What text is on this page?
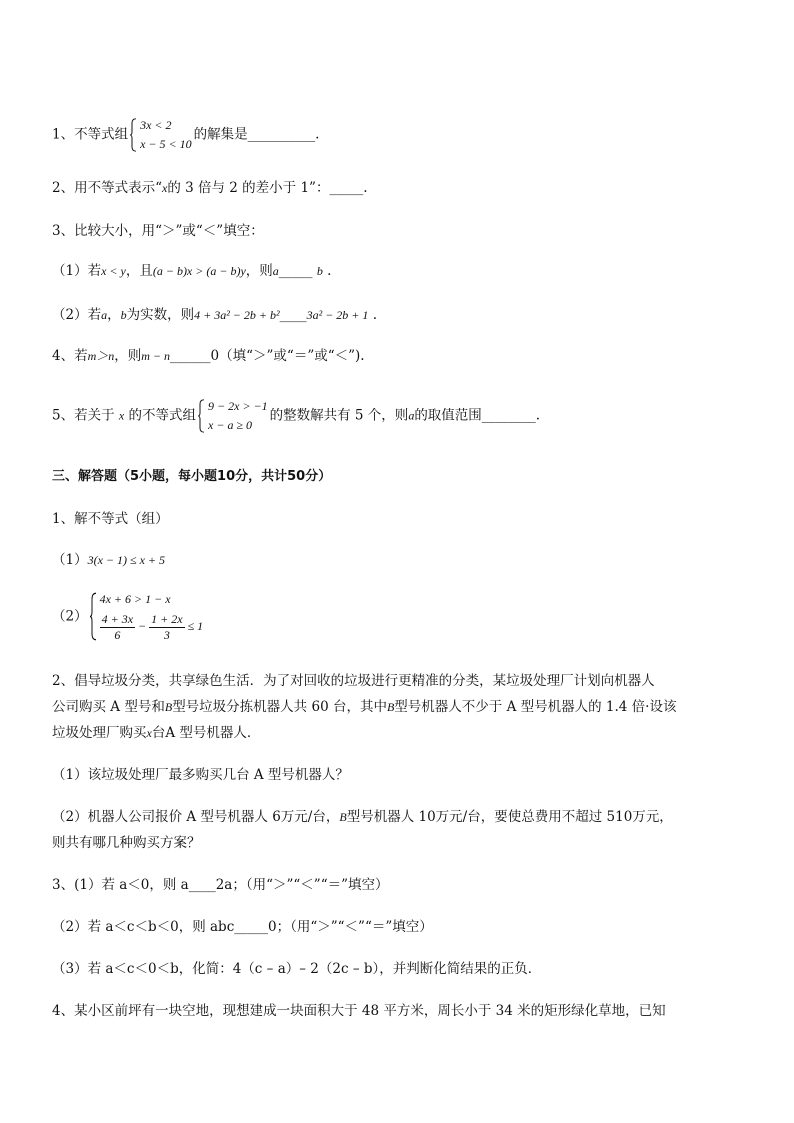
1、不等式组
3x < 2
x − 5 < 10
的解集是__________.
2、用不等式表示“x的 3 倍与 2 的差小于 1”：_____.
3、比较大小，用“＞”或“＜”填空：
（1）若x < y，且(a − b)x > (a − b)y，则a_____ b .
（2）若a，b为实数，则4 + 3a² − 2b + b²____3a² − 2b + 1 .
4、若m＞n，则m − n______0（填“＞”或“＝”或“＜”).
5、若关于 x 的不等式组
9 − 2x > −1
x − a ≥ 0
的整数解共有 5 个，则a的取值范围________.
三、解答题（5小题，每小题10分，共计50分）
1、解不等式（组）
（1）3(x − 1) ≤ x + 5
（2）
4x + 6 > 1 − x
$\frac{4 + 3x}{6} - \frac{1 + 2x}{3} \le 1$
2、倡导垃圾分类，共享绿色生活．为了对回收的垃圾进行更精准的分类，某垃圾处理厂计划向机器人
公司购买 A 型号和B型号垃圾分拣机器人共 60 台，其中B型号机器人不少于 A 型号机器人的 1.4 倍·设该
垃圾处理厂购买x台A 型号机器人．
（1）该垃圾处理厂最多购买几台 A 型号机器人？
（2）机器人公司报价 A 型号机器人 6万元/台，B型号机器人 10万元/台，要使总费用不超过 510万元，
则共有哪几种购买方案？
3、(1）若 a＜0，则 a____2a；（用“＞”“＜”“＝”填空）
（2）若 a＜c＜b＜0，则 abc_____0；（用“＞”“＜”“＝”填空）
（3）若 a＜c＜0＜b，化简：4（c – a）– 2（2c – b），并判断化简结果的正负．
4、某小区前坪有一块空地，现想建成一块面积大于 48 平方米，周长小于 34 米的矩形绿化草地，已知
